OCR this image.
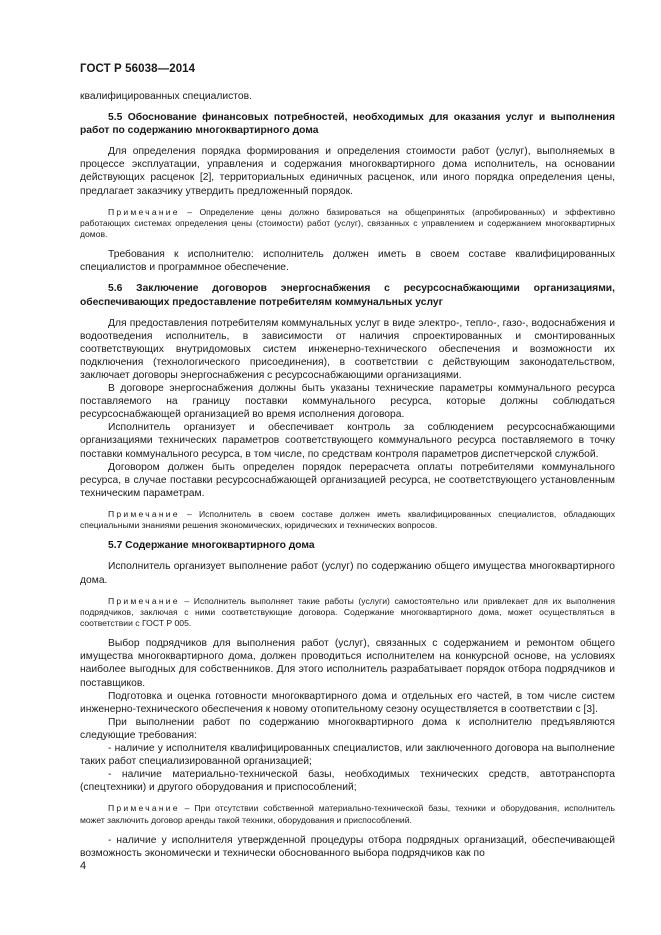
ГОСТ Р 56038—2014

квалифицированных специалистов.

5.5 Обоснование финансовых потребностей, необходимых для оказания услуг и выполнения работ по содержанию многоквартирного дома

Для определения порядка формирования и определения стоимости работ (услуг), выполняемых в процессе эксплуатации, управления и содержания многоквартирного дома исполнитель, на основании действующих расценок [2], территориальных единичных расценок, или иного порядка определения цены, предлагает заказчику утвердить предложенный порядок.

Примечание – Определение цены должно базироваться на общепринятых (апробированных) и эффективно работающих системах определения цены (стоимости) работ (услуг), связанных с управлением и содержанием многоквартирных домов.

Требования к исполнителю: исполнитель должен иметь в своем составе квалифицированных специалистов и программное обеспечение.

5.6 Заключение договоров энергоснабжения с ресурсоснабжающими организациями, обеспечивающих предоставление потребителям коммунальных услуг

Для предоставления потребителям коммунальных услуг в виде электро-, тепло-, газо-, водоснабжения и водоотведения исполнитель, в зависимости от наличия спроектированных и смонтированных соответствующих внутридомовых систем инженерно-технического обеспечения и возможности их подключения (технологического присоединения), в соответствии с действующим законодательством, заключает договоры энергоснабжения с ресурсоснабжающими организациями.

В договоре энергоснабжения должны быть указаны технические параметры коммунального ресурса поставляемого на границу поставки коммунального ресурса, которые должны соблюдаться ресурсоснабжающей организацией во время исполнения договора.

Исполнитель организует и обеспечивает контроль за соблюдением ресурсоснабжающими организациями технических параметров соответствующего коммунального ресурса поставляемого в точку поставки коммунального ресурса, в том числе, по средствам контроля параметров диспетчерской службой.

Договором должен быть определен порядок перерасчета оплаты потребителями коммунального ресурса, в случае поставки ресурсоснабжающей организацией ресурса, не соответствующего установленным техническим параметрам.

Примечание – Исполнитель в своем составе должен иметь квалифицированных специалистов, обладающих специальными знаниями решения экономических, юридических и технических вопросов.

5.7 Содержание многоквартирного дома

Исполнитель организует выполнение работ (услуг) по содержанию общего имущества многоквартирного дома.

Примечание – Исполнитель выполняет такие работы (услуги) самостоятельно или привлекает для их выполнения подрядчиков, заключая с ними соответствующие договора. Содержание многоквартирного дома, может осуществляться в соответствии с ГОСТ Р 005.

Выбор подрядчиков для выполнения работ (услуг), связанных с содержанием и ремонтом общего имущества многоквартирного дома, должен проводиться исполнителем на конкурсной основе, на условиях наиболее выгодных для собственников. Для этого исполнитель разрабатывает порядок отбора подрядчиков и поставщиков.

Подготовка и оценка готовности многоквартирного дома и отдельных его частей, в том числе систем инженерно-технического обеспечения к новому отопительному сезону осуществляется в соответствии с [3].

При выполнении работ по содержанию многоквартирного дома к исполнителю предъявляются следующие требования:

- наличие у исполнителя квалифицированных специалистов, или заключенного договора на выполнение таких работ специализированной организацией;

- наличие материально-технической базы, необходимых технических средств, автотранспорта (спецтехники) и другого оборудования и приспособлений;

Примечание – При отсутствии собственной материально-технической базы, техники и оборудования, исполнитель может заключить договор аренды такой техники, оборудования и приспособлений.

- наличие у исполнителя утвержденной процедуры отбора подрядных организаций, обеспечивающей возможность экономически и технически обоснованного выбора подрядчиков как по

4
